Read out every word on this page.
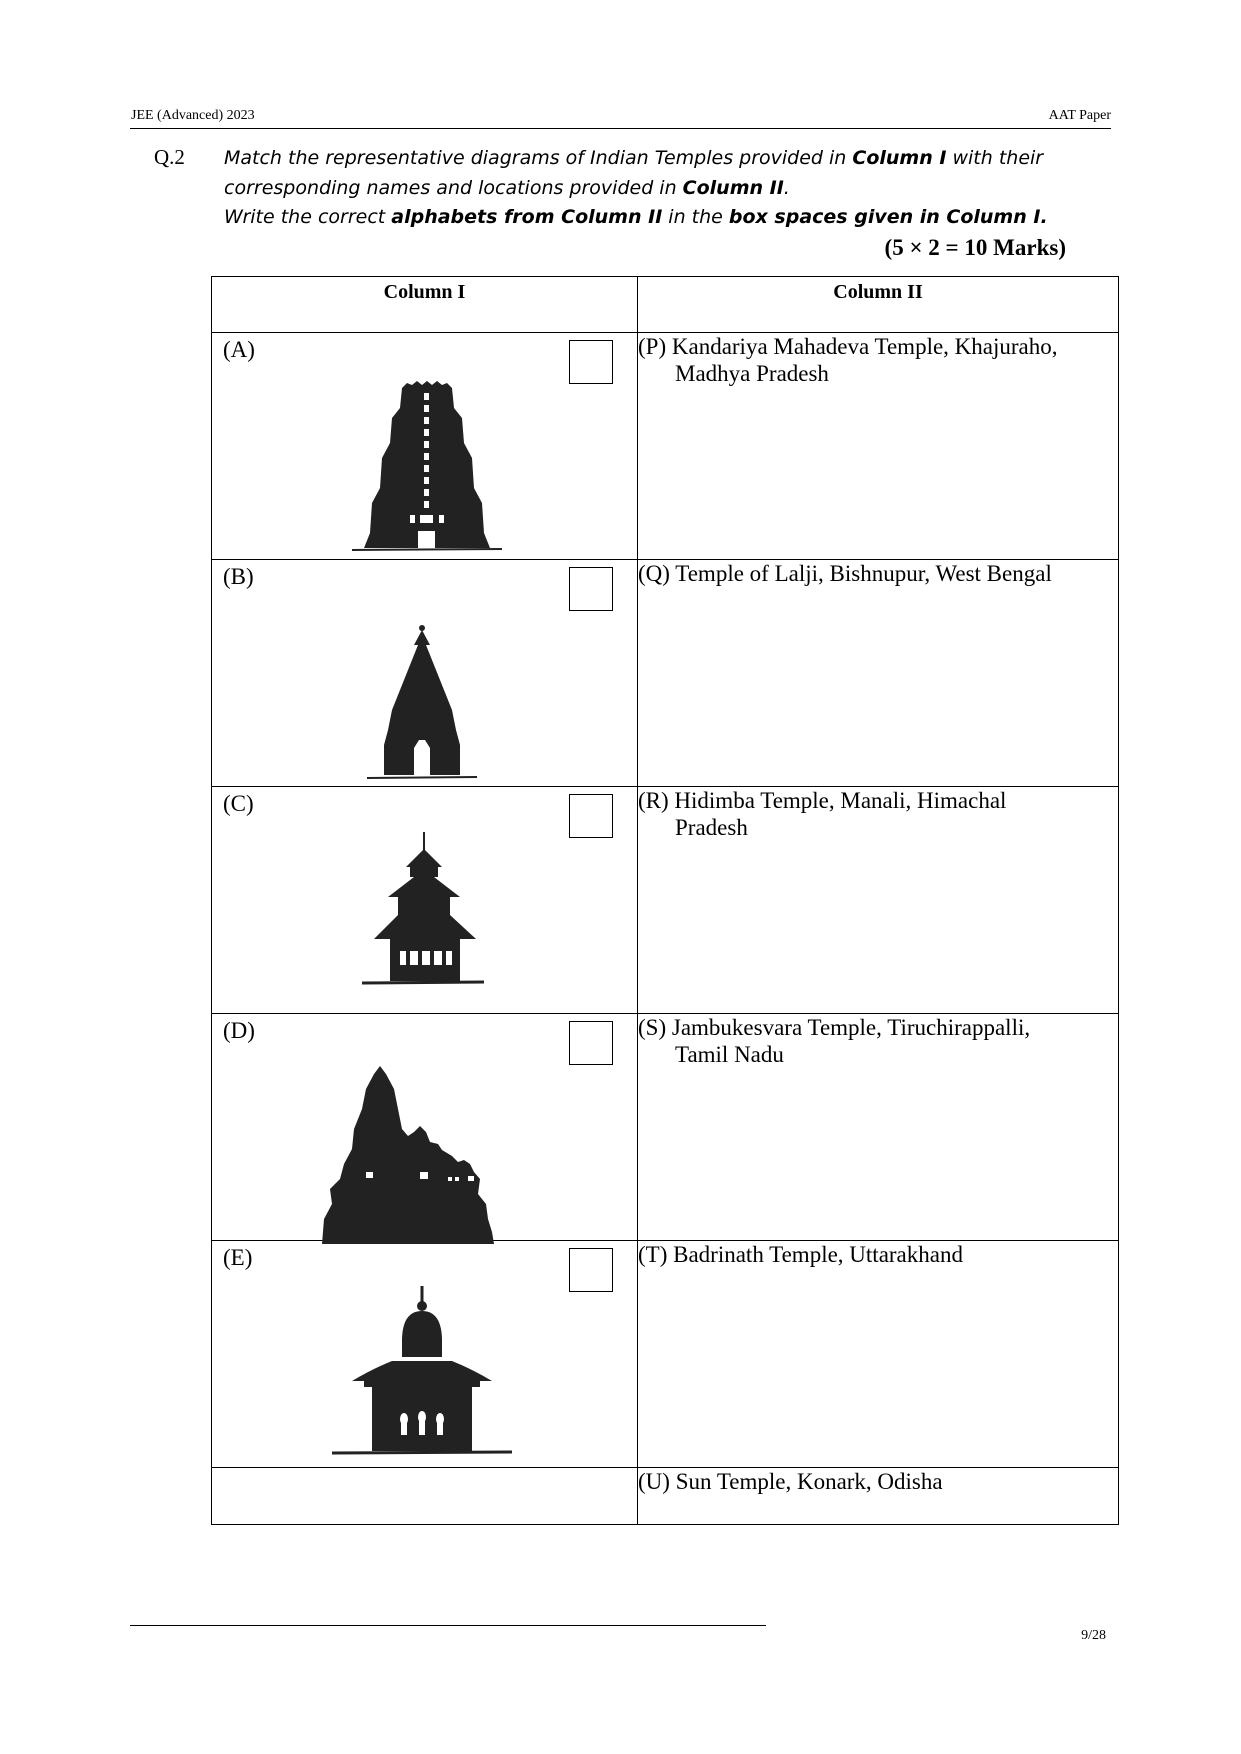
JEE (Advanced) 2023	AAT Paper
Q.2 Match the representative diagrams of Indian Temples provided in Column I with their
corresponding names and locations provided in Column II.
Write the correct alphabets from Column II in the box spaces given in Column I.
(5 × 2 = 10 Marks)
Column I	Column II

(A)	(P) Kandariya Mahadeva Temple, Khajuraho,
Madhya Pradesh

(B)	(Q) Temple of Lalji, Bishnupur, West Bengal

(C)	(R) Hidimba Temple, Manali, Himachal
Pradesh

(D)	(S) Jambukesvara Temple, Tiruchirappalli,
Tamil Nadu

(E)	(T) Badrinath Temple, Uttarakhand

	(U) Sun Temple, Konark, Odisha
9/28
